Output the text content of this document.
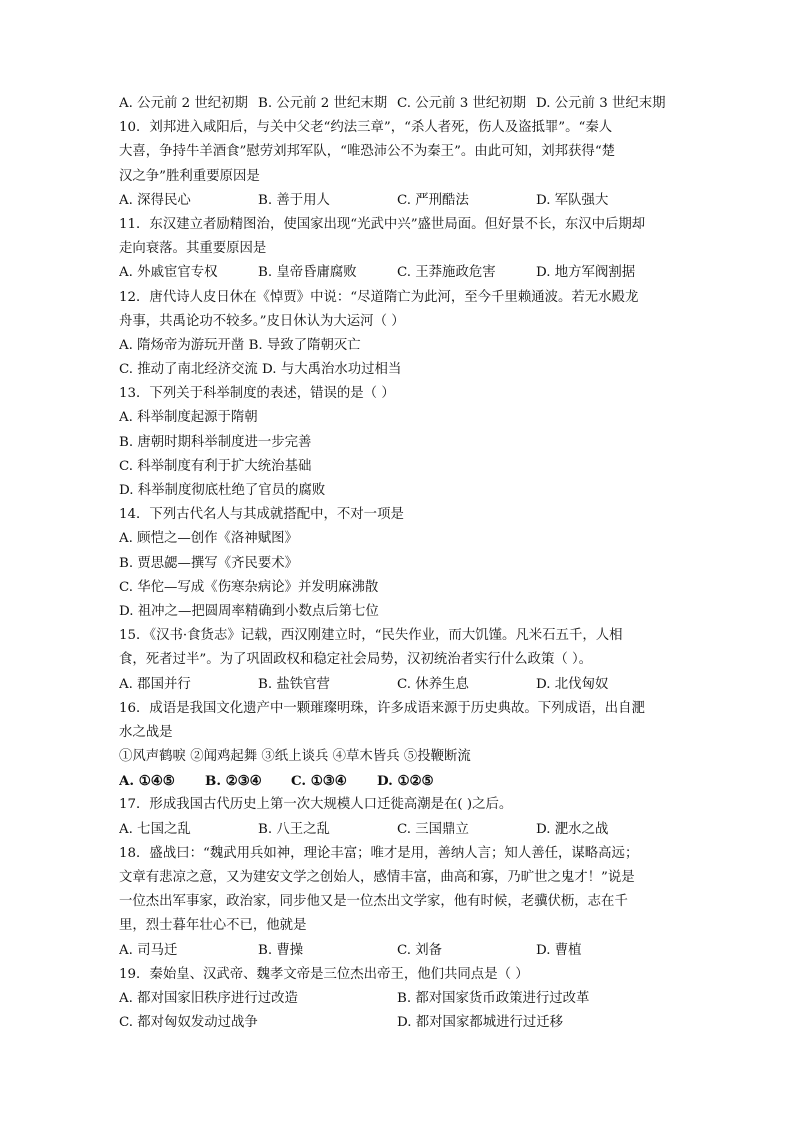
A. 公元前 2 世纪初期 B. 公元前 2 世纪末期 C. 公元前 3 世纪初期 D. 公元前 3 世纪末期
10．刘邦进入咸阳后，与关中父老“约法三章”，“杀人者死，伤人及盗抵罪”。“秦人
大喜，争持牛羊酒食”慰劳刘邦军队，“唯恐沛公不为秦王”。由此可知，刘邦获得“楚
汉之争”胜利重要原因是
A. 深得民心	B. 善于用人	C. 严刑酷法	D. 军队强大
11．东汉建立者励精图治，使国家出现“光武中兴”盛世局面。但好景不长，东汉中后期却
走向衰落。其重要原因是
A. 外戚宦官专权	B. 皇帝昏庸腐败	C. 王莽施政危害	D. 地方军阀割据
12．唐代诗人皮日休在《悼贾》中说：“尽道隋亡为此河，至今千里赖通波。若无水殿龙
舟事，共禹论功不较多。”皮日休认为大运河（ ）
A. 隋炀帝为游玩开凿 B. 导致了隋朝灭亡
C. 推动了南北经济交流 D. 与大禹治水功过相当
13．下列关于科举制度的表述，错误的是（ ）
A. 科举制度起源于隋朝
B. 唐朝时期科举制度进一步完善
C. 科举制度有利于扩大统治基础
D. 科举制度彻底杜绝了官员的腐败
14．下列古代名人与其成就搭配中，不对一项是
A. 顾恺之—创作《洛神赋图》
B. 贾思勰—撰写《齐民要术》
C. 华佗—写成《伤寒杂病论》并发明麻沸散
D. 祖冲之—把圆周率精确到小数点后第七位
15．《汉书·食货志》记载，西汉刚建立时，“民失作业，而大饥馑。凡米石五千，人相
食，死者过半”。为了巩固政权和稳定社会局势，汉初统治者实行什么政策（ ）。
A. 郡国并行	B. 盐铁官营	C. 休养生息	D. 北伐匈奴
16．成语是我国文化遗产中一颗璀璨明珠，许多成语来源于历史典故。下列成语，出自淝
水之战是
①风声鹤唳 ②闻鸡起舞 ③纸上谈兵 ④草木皆兵 ⑤投鞭断流
A. ①④⑤	B. ②③④	C. ①③④	D. ①②⑤
17．形成我国古代历史上第一次大规模人口迁徙高潮是在( )之后。
A. 七国之乱	B. 八王之乱	C. 三国鼎立	D. 淝水之战
18．盛战曰：“魏武用兵如神，理论丰富；唯才是用，善纳人言；知人善任，谋略高远；
文章有悲凉之意，又为建安文学之创始人，感情丰富，曲高和寡，乃旷世之鬼才！”说是
一位杰出军事家，政治家，同步他又是一位杰出文学家，他有时候，老骥伏枥，志在千
里，烈士暮年壮心不已，他就是
A. 司马迁	B. 曹操	C. 刘备	D. 曹植
19．秦始皇、汉武帝、魏孝文帝是三位杰出帝王，他们共同点是（ ）
A. 都对国家旧秩序进行过改造	B. 都对国家货币政策进行过改革
C. 都对匈奴发动过战争	D. 都对国家都城进行过迁移
